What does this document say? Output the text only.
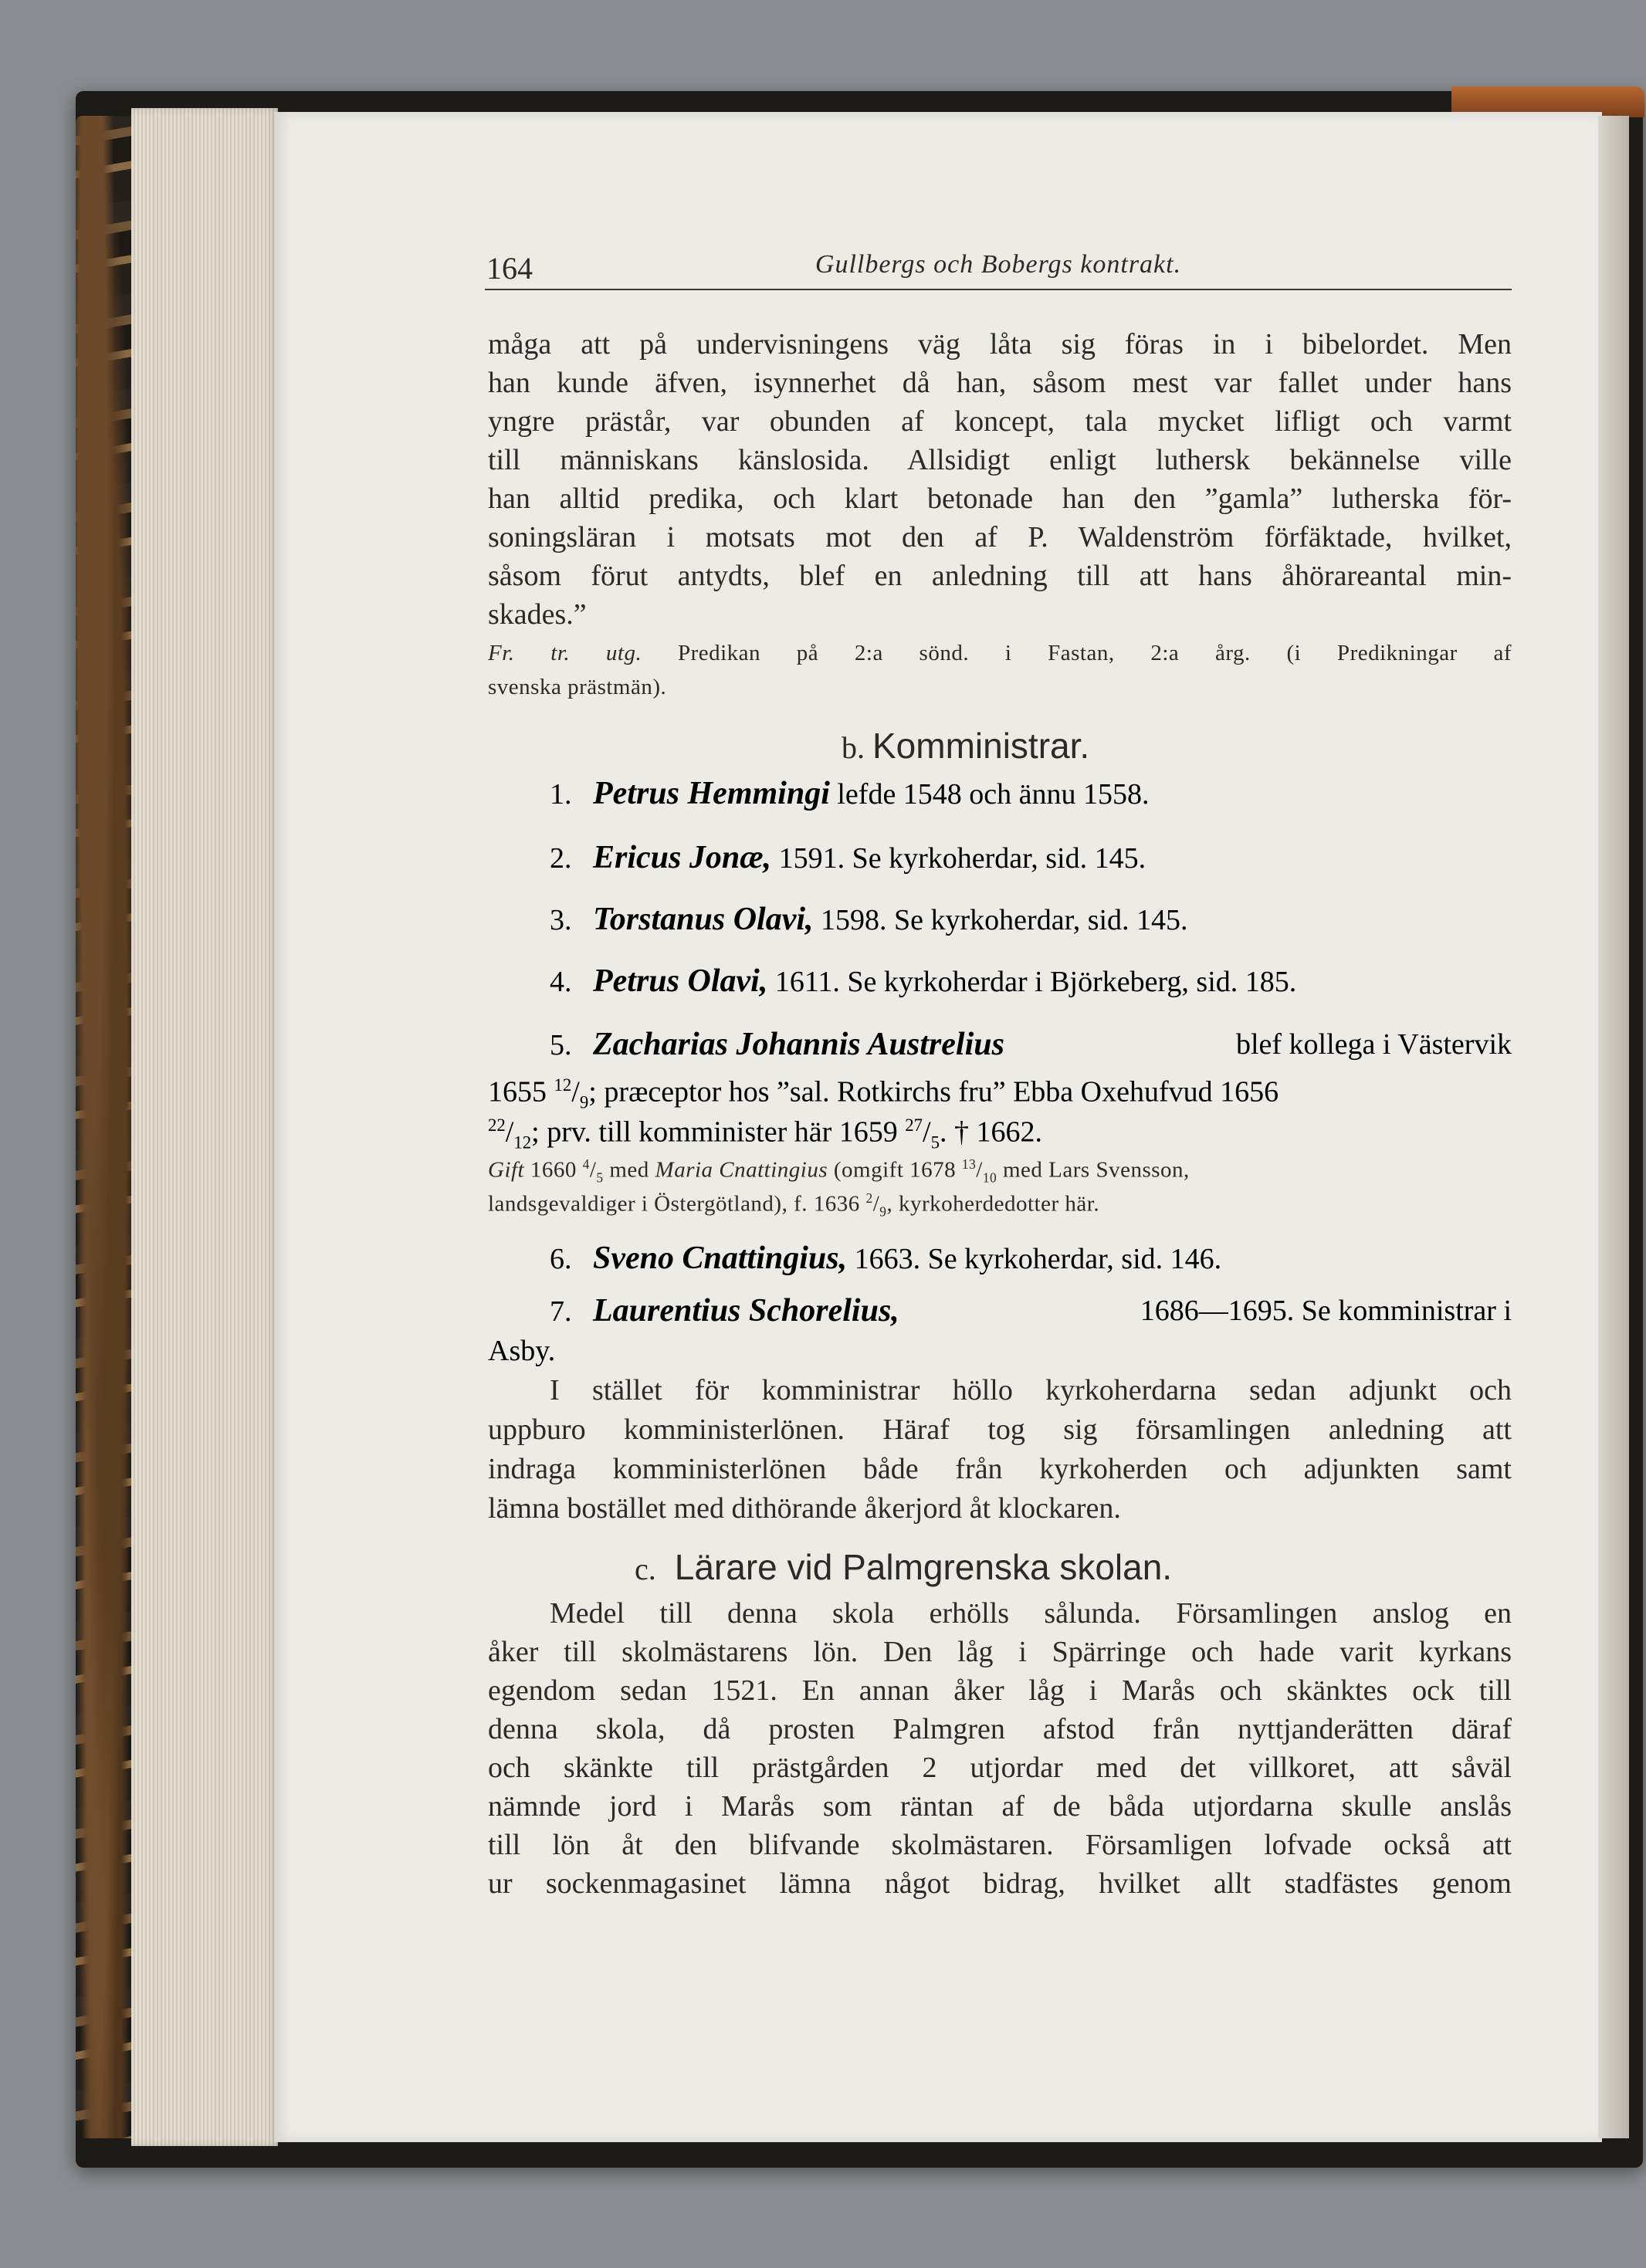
164	Gullbergs och Bobergs kontrakt.
måga att på undervisningens väg låta sig föras in i bibelordet. Men
han kunde äfven, isynnerhet då han, såsom mest var fallet under hans
yngre prästår, var obunden af koncept, tala mycket lifligt och varmt
till människans känslosida. Allsidigt enligt luthersk bekännelse ville
han alltid predika, och klart betonade han den ”gamla” lutherska för-
soningsläran i motsats mot den af P. Waldenström förfäktade, hvilket,
såsom förut antydts, blef en anledning till att hans åhörareantal min-
skades.”
Fr. tr. utg. Predikan på 2:a sönd. i Fastan, 2:a årg. (i Predikningar af
svenska prästmän).
b. Komministrar.
1. Petrus Hemmingi lefde 1548 och ännu 1558.
2. Ericus Jonæ, 1591. Se kyrkoherdar, sid. 145.
3. Torstanus Olavi, 1598. Se kyrkoherdar, sid. 145.
4. Petrus Olavi, 1611. Se kyrkoherdar i Björkeberg, sid. 185.
5. Zacharias Johannis Austrelius	blef kollega i Västervik
1655 $^{12}/_9$; præceptor hos ”sal. Rotkirchs fru” Ebba Oxehufvud 1656
$^{22}/_{12}$; prv. till komminister här 1659 $^{27}/_5$. † 1662.
Gift 1660 $^4/_5$ med Maria Cnattingius (omgift 1678 $^{13}/_{10}$ med Lars Svensson,
landsgevaldiger i Östergötland), f. 1636 $^2/_9$, kyrkoherdedotter här.
6. Sveno Cnattingius, 1663. Se kyrkoherdar, sid. 146.
7. Laurentius Schorelius,	1686—1695. Se komministrar i
Asby.
I stället för komministrar höllo kyrkoherdarna sedan adjunkt och
uppburo komministerlönen. Häraf tog sig församlingen anledning att
indraga komministerlönen både från kyrkoherden och adjunkten samt
lämna bostället med dithörande åkerjord åt klockaren.
c. Lärare vid Palmgrenska skolan.
Medel till denna skola erhölls sålunda. Församlingen anslog en
åker till skolmästarens lön. Den låg i Spärringe och hade varit kyrkans
egendom sedan 1521. En annan åker låg i Marås och skänktes ock till
denna skola, då prosten Palmgren afstod från nyttjanderätten däraf
och skänkte till prästgården 2 utjordar med det villkoret, att såväl
nämnde jord i Marås som räntan af de båda utjordarna skulle anslås
till lön åt den blifvande skolmästaren. Församligen lofvade också att
ur sockenmagasinet lämna något bidrag, hvilket allt stadfästes genom
